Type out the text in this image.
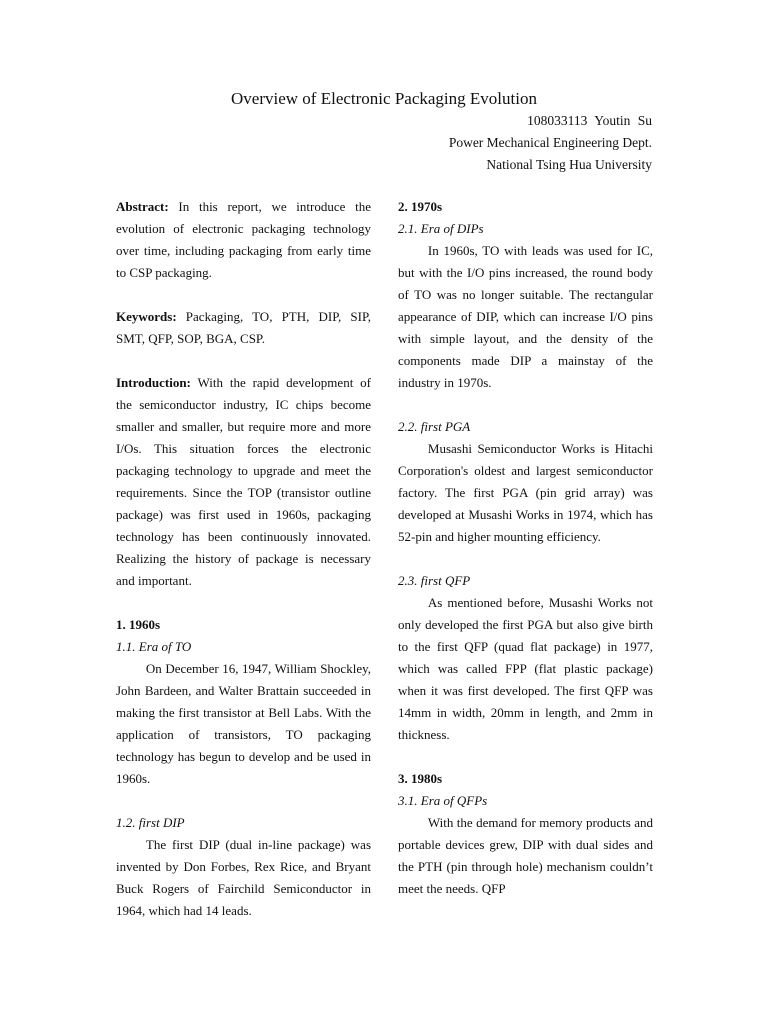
Overview of Electronic Packaging Evolution
108033113 Youtin Su
Power Mechanical Engineering Dept.
National Tsing Hua University

Abstract: In this report, we introduce the evolution of electronic packaging technology over time, including packaging from early time to CSP packaging.

Keywords: Packaging, TO, PTH, DIP, SIP, SMT, QFP, SOP, BGA, CSP.

Introduction: With the rapid development of the semiconductor industry, IC chips become smaller and smaller, but require more and more I/Os. This situation forces the electronic packaging technology to upgrade and meet the requirements. Since the TOP (transistor outline package) was first used in 1960s, packaging technology has been continuously innovated. Realizing the history of package is necessary and important.

1. 1960s

1.1. Era of TO

On December 16, 1947, William Shockley, John Bardeen, and Walter Brattain succeeded in making the first transistor at Bell Labs. With the application of transistors, TO packaging technology has begun to develop and be used in 1960s.

1.2. first DIP

The first DIP (dual in-line package) was invented by Don Forbes, Rex Rice, and Bryant Buck Rogers of Fairchild Semiconductor in 1964, which had 14 leads.

2. 1970s

2.1. Era of DIPs

In 1960s, TO with leads was used for IC, but with the I/O pins increased, the round body of TO was no longer suitable. The rectangular appearance of DIP, which can increase I/O pins with simple layout, and the density of the components made DIP a mainstay of the industry in 1970s.

2.2. first PGA

Musashi Semiconductor Works is Hitachi Corporation's oldest and largest semiconductor factory. The first PGA (pin grid array) was developed at Musashi Works in 1974, which has 52-pin and higher mounting efficiency.

2.3. first QFP

As mentioned before, Musashi Works not only developed the first PGA but also give birth to the first QFP (quad flat package) in 1977, which was called FPP (flat plastic package) when it was first developed. The first QFP was 14mm in width, 20mm in length, and 2mm in thickness.

3. 1980s

3.1. Era of QFPs

With the demand for memory products and portable devices grew, DIP with dual sides and the PTH (pin through hole) mechanism couldn’t meet the needs. QFP
